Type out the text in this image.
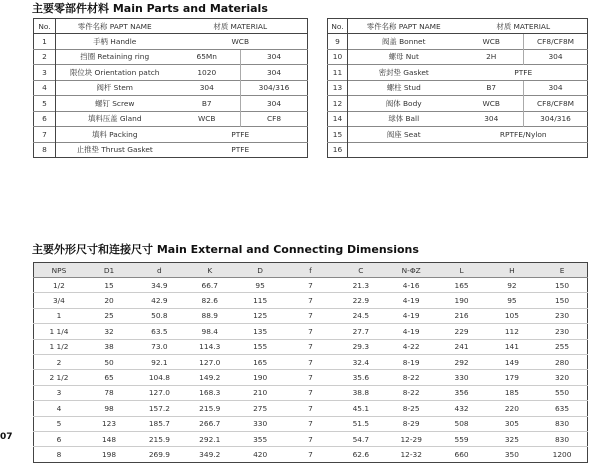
主要零部件材料 Main Parts and Materials
No.	零件名称 PAPT NAME	材质 MATERIAL	
1	手柄 Handle	WCB	
2	挡圈 Retaining ring	65Mn	304
3	限位块 Orientation patch	1020	304
4	阀杆 Stem	304	304/316
5	螺钉 Screw	B7	304
6	填料压盖 Gland	WCB	CF8
7	填料 Packing	PTFE	
8	止推垫 Thrust Gasket	PTFE	
No.	零件名称 PAPT NAME	材质 MATERIAL	
9	阀盖 Bonnet	WCB	CF8/CF8M
10	螺母 Nut	2H	304
11	密封垫 Gasket	PTFE	
13	螺柱 Stud	B7	304
12	阀体 Body	WCB	CF8/CF8M
14	球体 Ball	304	304/316
15	阀座 Seat	RPTFE/Nylon	
16			
主要外形尺寸和连接尺寸 Main External and Connecting Dimensions
NPS	D1	d	K	D	f	C	N-ΦZ	L	H	E
1/2	15	34.9	66.7	95	7	21.3	4-16	165	92	150
3/4	20	42.9	82.6	115	7	22.9	4-19	190	95	150
1	25	50.8	88.9	125	7	24.5	4-19	216	105	230
1 1/4	32	63.5	98.4	135	7	27.7	4-19	229	112	230
1 1/2	38	73.0	114.3	155	7	29.3	4-22	241	141	255
2	50	92.1	127.0	165	7	32.4	8-19	292	149	280
2 1/2	65	104.8	149.2	190	7	35.6	8-22	330	179	320
3	78	127.0	168.3	210	7	38.8	8-22	356	185	550
4	98	157.2	215.9	275	7	45.1	8-25	432	220	635
5	123	185.7	266.7	330	7	51.5	8-29	508	305	830
6	148	215.9	292.1	355	7	54.7	12-29	559	325	830
8	198	269.9	349.2	420	7	62.6	12-32	660	350	1200
07
